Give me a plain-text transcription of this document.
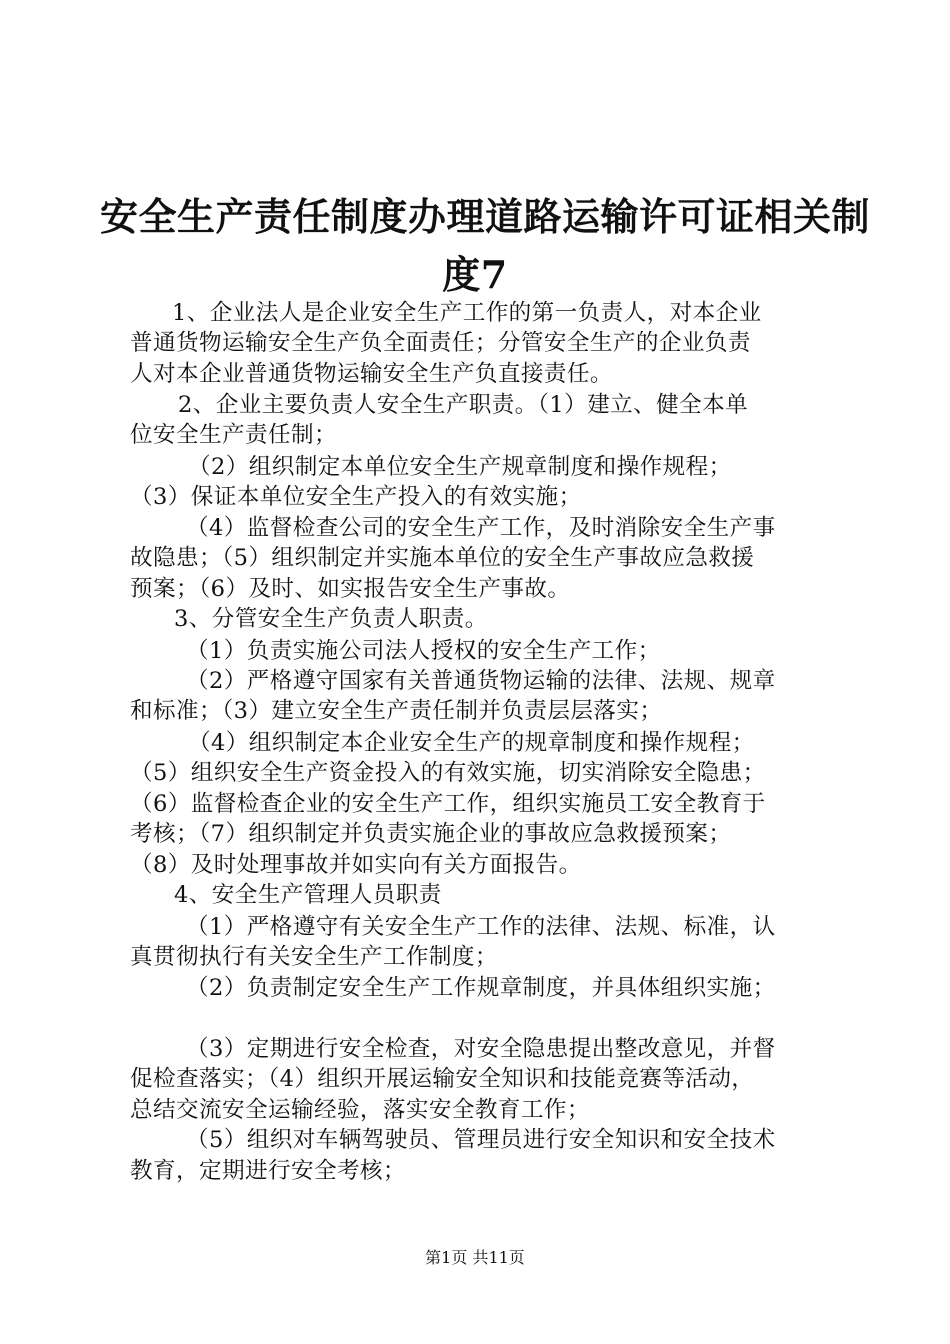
安全生产责任制度办理道路运输许可证相关制
度7
1、企业法人是企业安全生产工作的第一负责人，对本企业
普通货物运输安全生产负全面责任；分管安全生产的企业负责
人对本企业普通货物运输安全生产负直接责任。
2、企业主要负责人安全生产职责。（1）建立、健全本单
位安全生产责任制；
（2）组织制定本单位安全生产规章制度和操作规程；
（3）保证本单位安全生产投入的有效实施；
（4）监督检查公司的安全生产工作，及时消除安全生产事
故隐患；（5）组织制定并实施本单位的安全生产事故应急救援
预案；（6）及时、如实报告安全生产事故。
3、分管安全生产负责人职责。
（1）负责实施公司法人授权的安全生产工作；
（2）严格遵守国家有关普通货物运输的法律、法规、规章
和标准；（3）建立安全生产责任制并负责层层落实；
（4）组织制定本企业安全生产的规章制度和操作规程；
（5）组织安全生产资金投入的有效实施，切实消除安全隐患；
（6）监督检查企业的安全生产工作，组织实施员工安全教育于
考核；（7）组织制定并负责实施企业的事故应急救援预案；
（8）及时处理事故并如实向有关方面报告。
4、安全生产管理人员职责
（1）严格遵守有关安全生产工作的法律、法规、标准，认
真贯彻执行有关安全生产工作制度；
（2）负责制定安全生产工作规章制度，并具体组织实施；
（3）定期进行安全检查，对安全隐患提出整改意见，并督
促检查落实；（4）组织开展运输安全知识和技能竞赛等活动，
总结交流安全运输经验，落实安全教育工作；
（5）组织对车辆驾驶员、管理员进行安全知识和安全技术
教育，定期进行安全考核；
第1页 共11页
